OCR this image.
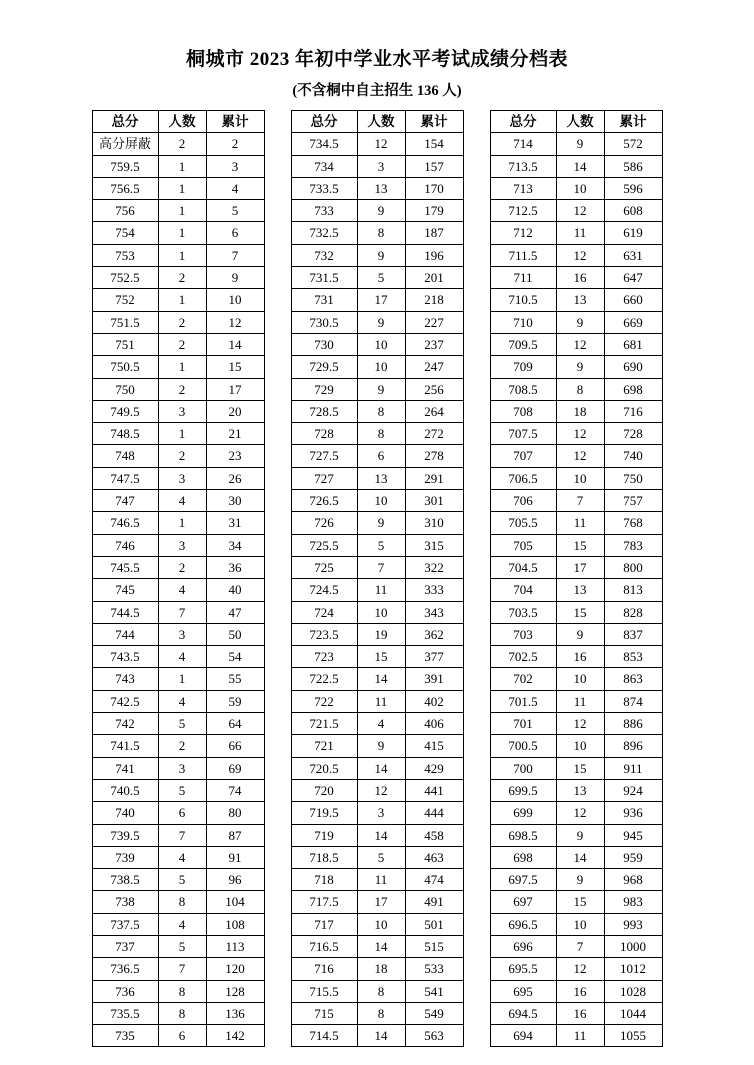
桐城市 2023 年初中学业水平考试成绩分档表
(不含桐中自主招生 136 人)
总分	人数	累计
高分屏蔽	2	2
759.5	1	3
756.5	1	4
756	1	5
754	1	6
753	1	7
752.5	2	9
752	1	10
751.5	2	12
751	2	14
750.5	1	15
750	2	17
749.5	3	20
748.5	1	21
748	2	23
747.5	3	26
747	4	30
746.5	1	31
746	3	34
745.5	2	36
745	4	40
744.5	7	47
744	3	50
743.5	4	54
743	1	55
742.5	4	59
742	5	64
741.5	2	66
741	3	69
740.5	5	74
740	6	80
739.5	7	87
739	4	91
738.5	5	96
738	8	104
737.5	4	108
737	5	113
736.5	7	120
736	8	128
735.5	8	136
735	6	142
总分	人数	累计
734.5	12	154
734	3	157
733.5	13	170
733	9	179
732.5	8	187
732	9	196
731.5	5	201
731	17	218
730.5	9	227
730	10	237
729.5	10	247
729	9	256
728.5	8	264
728	8	272
727.5	6	278
727	13	291
726.5	10	301
726	9	310
725.5	5	315
725	7	322
724.5	11	333
724	10	343
723.5	19	362
723	15	377
722.5	14	391
722	11	402
721.5	4	406
721	9	415
720.5	14	429
720	12	441
719.5	3	444
719	14	458
718.5	5	463
718	11	474
717.5	17	491
717	10	501
716.5	14	515
716	18	533
715.5	8	541
715	8	549
714.5	14	563
总分	人数	累计
714	9	572
713.5	14	586
713	10	596
712.5	12	608
712	11	619
711.5	12	631
711	16	647
710.5	13	660
710	9	669
709.5	12	681
709	9	690
708.5	8	698
708	18	716
707.5	12	728
707	12	740
706.5	10	750
706	7	757
705.5	11	768
705	15	783
704.5	17	800
704	13	813
703.5	15	828
703	9	837
702.5	16	853
702	10	863
701.5	11	874
701	12	886
700.5	10	896
700	15	911
699.5	13	924
699	12	936
698.5	9	945
698	14	959
697.5	9	968
697	15	983
696.5	10	993
696	7	1000
695.5	12	1012
695	16	1028
694.5	16	1044
694	11	1055
